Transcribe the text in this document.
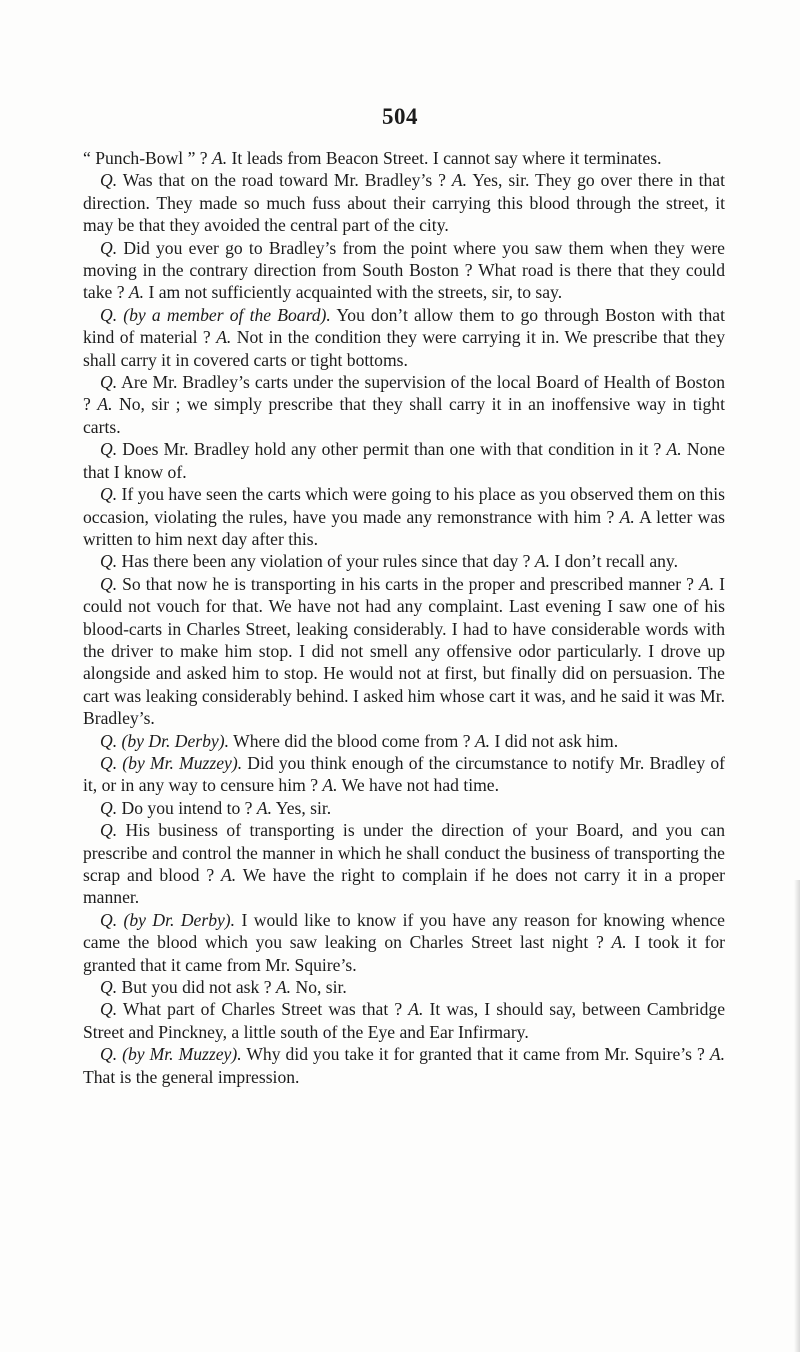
504

“ Punch-Bowl ” ? A. It leads from Beacon Street. I cannot say where it terminates.

Q. Was that on the road toward Mr. Bradley’s ? A. Yes, sir. They go over there in that direction. They made so much fuss about their carrying this blood through the street, it may be that they avoided the central part of the city.

Q. Did you ever go to Bradley’s from the point where you saw them when they were moving in the contrary direction from South Boston ? What road is there that they could take ? A. I am not sufficiently acquainted with the streets, sir, to say.

Q. (by a member of the Board). You don’t allow them to go through Boston with that kind of material ? A. Not in the condition they were carrying it in. We prescribe that they shall carry it in covered carts or tight bottoms.

Q. Are Mr. Bradley’s carts under the supervision of the local Board of Health of Boston ? A. No, sir ; we simply prescribe that they shall carry it in an inoffensive way in tight carts.

Q. Does Mr. Bradley hold any other permit than one with that condition in it ? A. None that I know of.

Q. If you have seen the carts which were going to his place as you observed them on this occasion, violating the rules, have you made any remonstrance with him ? A. A letter was written to him next day after this.

Q. Has there been any violation of your rules since that day ? A. I don’t recall any.

Q. So that now he is transporting in his carts in the proper and prescribed manner ? A. I could not vouch for that. We have not had any complaint. Last evening I saw one of his blood-carts in Charles Street, leaking considerably. I had to have considerable words with the driver to make him stop. I did not smell any offensive odor particularly. I drove up alongside and asked him to stop. He would not at first, but finally did on persuasion. The cart was leaking considerably behind. I asked him whose cart it was, and he said it was Mr. Bradley’s.

Q. (by Dr. Derby). Where did the blood come from ? A. I did not ask him.

Q. (by Mr. Muzzey). Did you think enough of the circumstance to notify Mr. Bradley of it, or in any way to censure him ? A. We have not had time.

Q. Do you intend to ? A. Yes, sir.

Q. His business of transporting is under the direction of your Board, and you can prescribe and control the manner in which he shall conduct the business of transporting the scrap and blood ? A. We have the right to complain if he does not carry it in a proper manner.

Q. (by Dr. Derby). I would like to know if you have any reason for knowing whence came the blood which you saw leaking on Charles Street last night ? A. I took it for granted that it came from Mr. Squire’s.

Q. But you did not ask ? A. No, sir.

Q. What part of Charles Street was that ? A. It was, I should say, between Cambridge Street and Pinckney, a little south of the Eye and Ear Infirmary.

Q. (by Mr. Muzzey). Why did you take it for granted that it came from Mr. Squire’s ? A. That is the general impression.
